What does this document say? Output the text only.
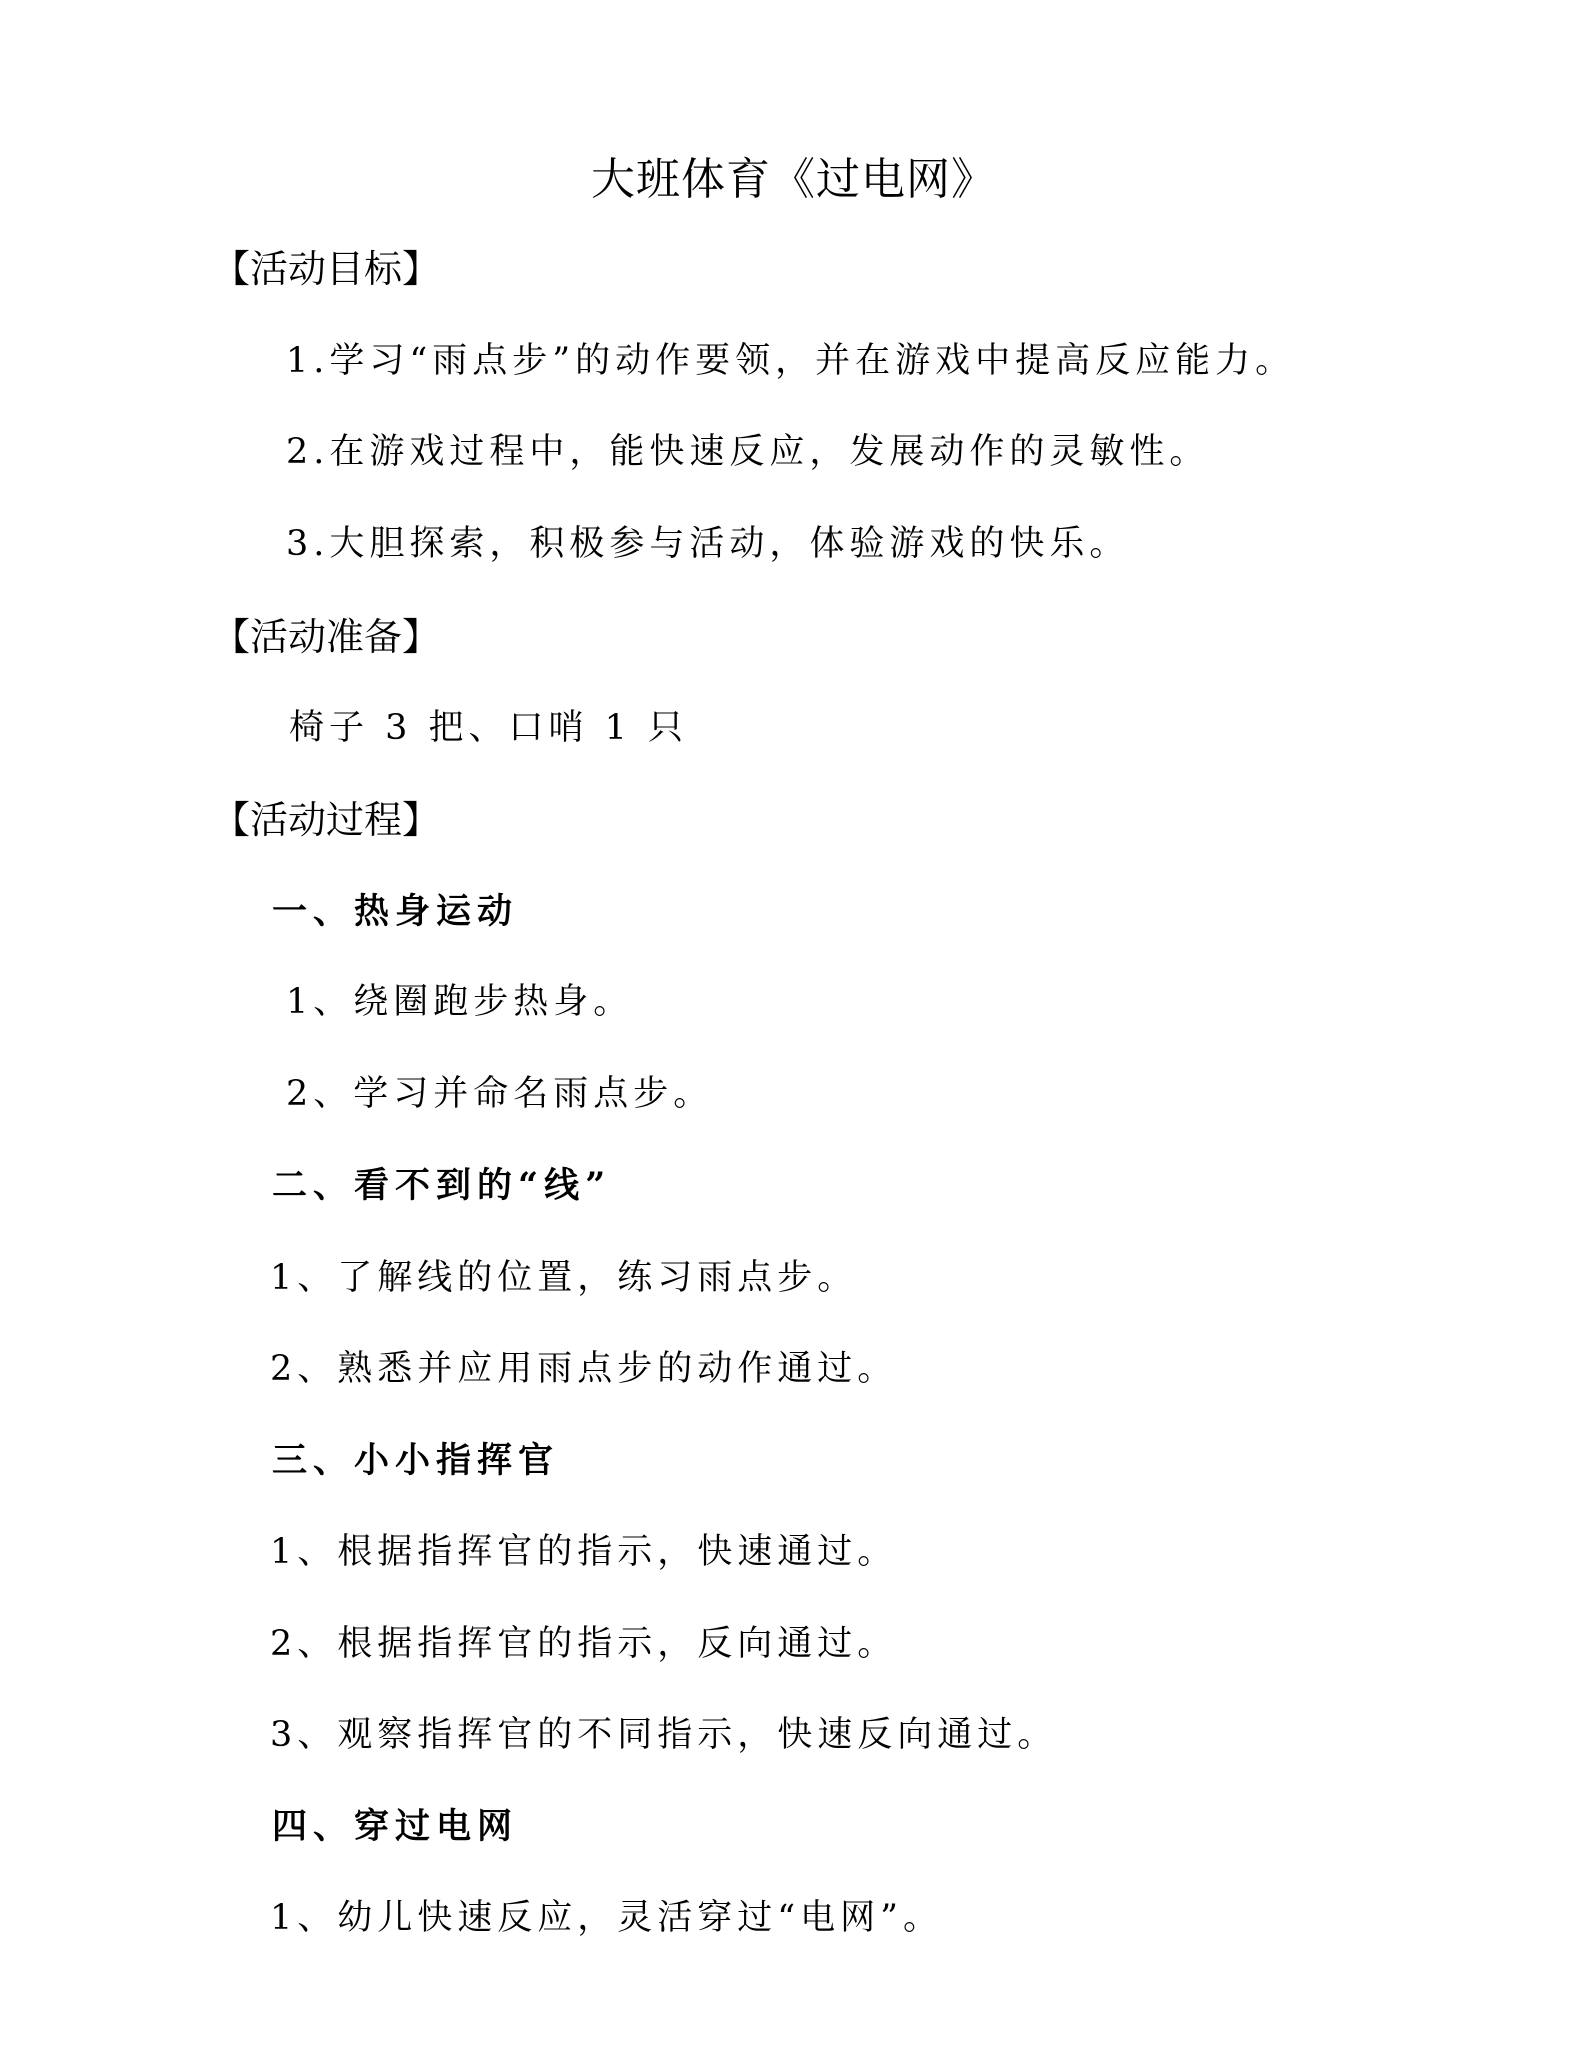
大班体育《过电网》
【活动目标】
1.学习“雨点步”的动作要领，并在游戏中提高反应能力。
2.在游戏过程中，能快速反应，发展动作的灵敏性。
3.大胆探索，积极参与活动，体验游戏的快乐。
【活动准备】
椅子 3 把、口哨 1 只
【活动过程】
一、热身运动
1、绕圈跑步热身。
2、学习并命名雨点步。
二、看不到的“线”
1、了解线的位置，练习雨点步。
2、熟悉并应用雨点步的动作通过。
三、小小指挥官
1、根据指挥官的指示，快速通过。
2、根据指挥官的指示，反向通过。
3、观察指挥官的不同指示，快速反向通过。
四、穿过电网
1、幼儿快速反应，灵活穿过“电网”。
